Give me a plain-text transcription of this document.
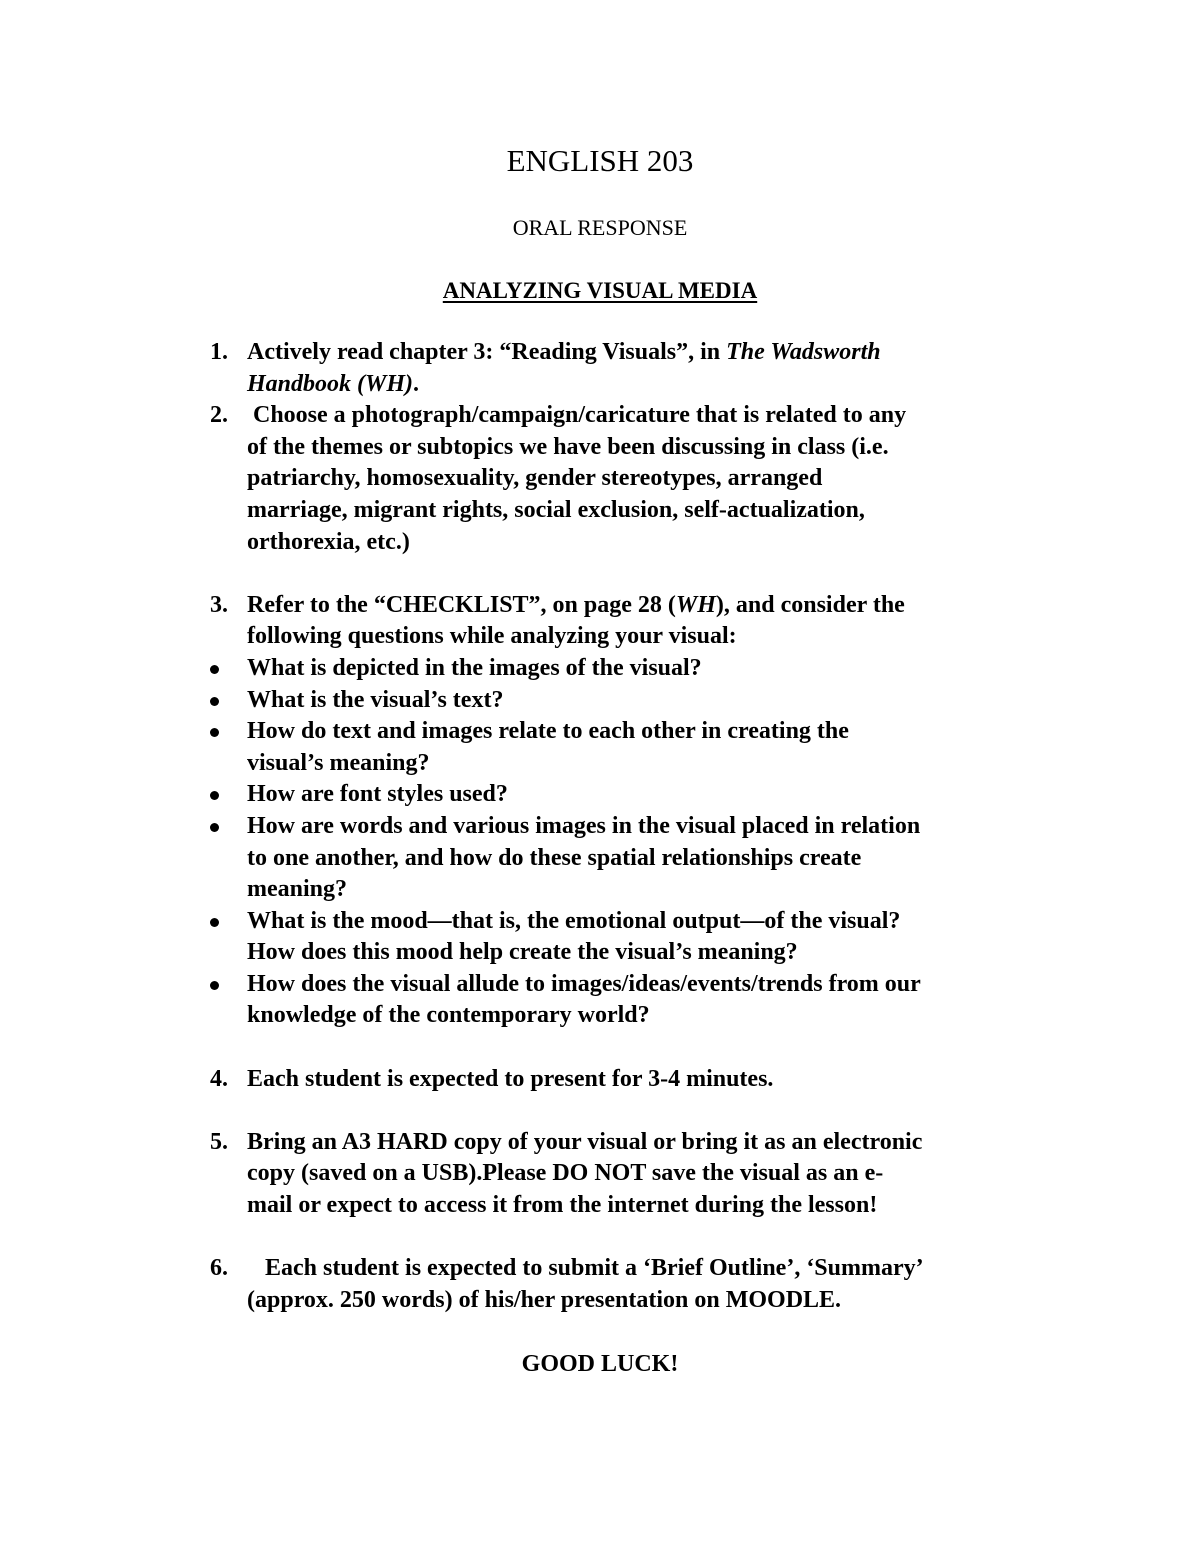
ENGLISH 203
ORAL RESPONSE
ANALYZING VISUAL MEDIA
1. Actively read chapter 3: “Reading Visuals”, in The Wadsworth
Handbook (WH).
2. Choose a photograph/campaign/caricature that is related to any
of the themes or subtopics we have been discussing in class (i.e.
patriarchy, homosexuality, gender stereotypes, arranged
marriage, migrant rights, social exclusion, self-actualization,
orthorexia, etc.)
3. Refer to the “CHECKLIST”, on page 28 (WH), and consider the
following questions while analyzing your visual:
What is depicted in the images of the visual?
What is the visual’s text?
How do text and images relate to each other in creating the
visual’s meaning?
How are font styles used?
How are words and various images in the visual placed in relation
to one another, and how do these spatial relationships create
meaning?
What is the mood—that is, the emotional output—of the visual?
How does this mood help create the visual’s meaning?
How does the visual allude to images/ideas/events/trends from our
knowledge of the contemporary world?
4. Each student is expected to present for 3-4 minutes.
5. Bring an A3 HARD copy of your visual or bring it as an electronic
copy (saved on a USB).Please DO NOT save the visual as an e-
mail or expect to access it from the internet during the lesson!
6. Each student is expected to submit a ‘Brief Outline’, ‘Summary’
(approx. 250 words) of his/her presentation on MOODLE.
GOOD LUCK!
